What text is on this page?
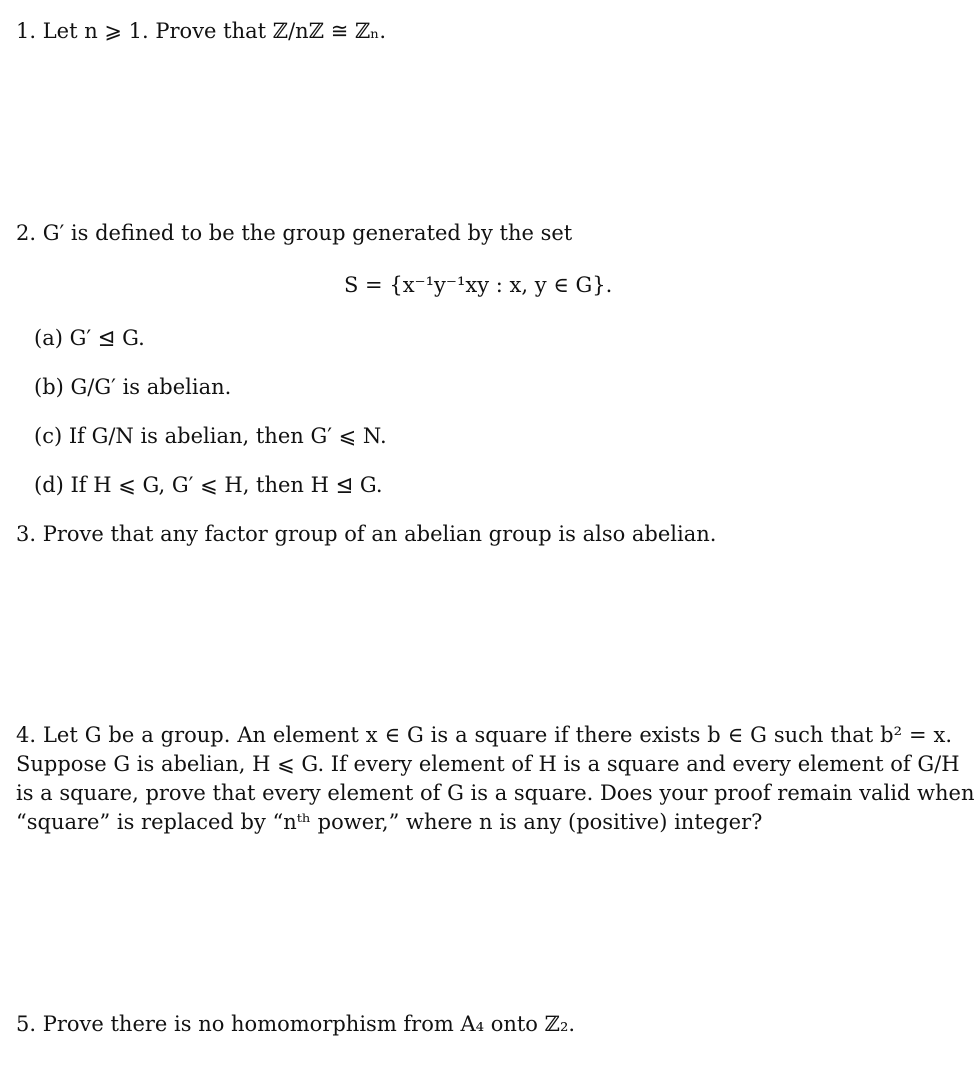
1. Let n ⩾ 1. Prove that ℤ/nℤ ≅ ℤₙ.
2. G′ is defined to be the group generated by the set
S = {x⁻¹y⁻¹xy : x, y ∈ G}.
(a) G′ ⊴ G.
(b) G/G′ is abelian.
(c) If G/N is abelian, then G′ ⩽ N.
(d) If H ⩽ G, G′ ⩽ H, then H ⊴ G.
3. Prove that any factor group of an abelian group is also abelian.
4. Let G be a group. An element x ∈ G is a square if there exists b ∈ G such that b² = x.
Suppose G is abelian, H ⩽ G. If every element of H is a square and every element of G/H
is a square, prove that every element of G is a square. Does your proof remain valid when
“square” is replaced by “nᵗʰ power,” where n is any (positive) integer?
5. Prove there is no homomorphism from A₄ onto ℤ₂.
